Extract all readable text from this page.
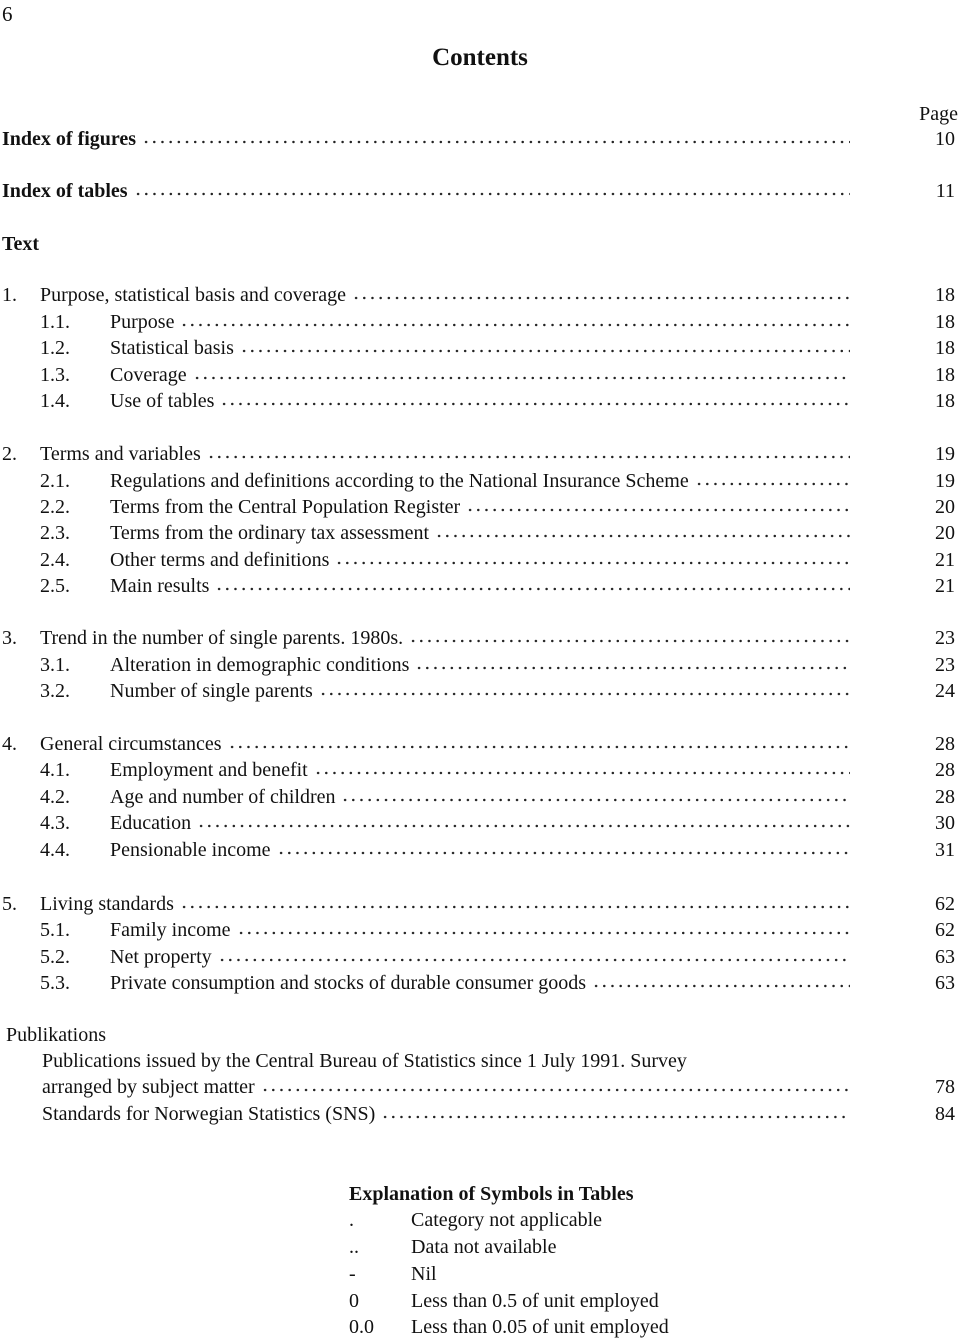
6
Contents
Page
Index of figures	10
Index of tables	11
Text
1.	Purpose, statistical basis and coverage	18
1.1.	Purpose	18
1.2.	Statistical basis	18
1.3.	Coverage	18
1.4.	Use of tables	18
2.	Terms and variables	19
2.1.	Regulations and definitions according to the National Insurance Scheme	19
2.2.	Terms from the Central Population Register	20
2.3.	Terms from the ordinary tax assessment	20
2.4.	Other terms and definitions	21
2.5.	Main results	21
3.	Trend in the number of single parents. 1980s.	23
3.1.	Alteration in demographic conditions	23
3.2.	Number of single parents	24
4.	General circumstances	28
4.1.	Employment and benefit	28
4.2.	Age and number of children	28
4.3.	Education	30
4.4.	Pensionable income	31
5.	Living standards	62
5.1.	Family income	62
5.2.	Net property	63
5.3.	Private consumption and stocks of durable consumer goods	63
Publikations
Publications issued by the Central Bureau of Statistics since 1 July 1991. Survey
arranged by subject matter	78
Standards for Norwegian Statistics (SNS)	84
Explanation of Symbols in Tables
.	Category not applicable
..	Data not available
-	Nil
0	Less than 0.5 of unit employed
0.0 Less than 0.05 of unit employed
